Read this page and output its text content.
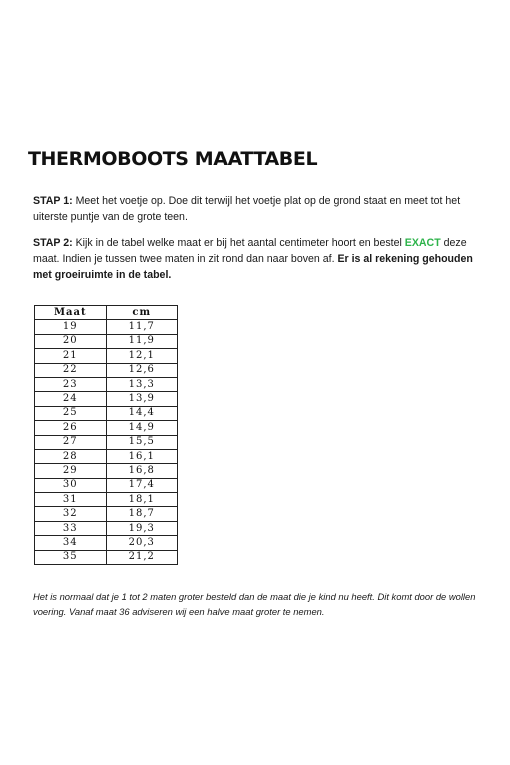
THERMOBOOTS MAATTABEL

STAP 1: Meet het voetje op. Doe dit terwijl het voetje plat op de grond staat en meet tot het uiterste puntje van de grote teen.

STAP 2: Kijk in de tabel welke maat er bij het aantal centimeter hoort en bestel EXACT deze maat. Indien je tussen twee maten in zit rond dan naar boven af. Er is al rekening gehouden met groeiruimte in de tabel.

Maat	cm
19	11,7
20	11,9
21	12,1
22	12,6
23	13,3
24	13,9
25	14,4
26	14,9
27	15,5
28	16,1
29	16,8
30	17,4
31	18,1
32	18,7
33	19,3
34	20,3
35	21,2

Het is normaal dat je 1 tot 2 maten groter besteld dan de maat die je kind nu heeft. Dit komt door de wollen voering. Vanaf maat 36 adviseren wij een halve maat groter te nemen.
